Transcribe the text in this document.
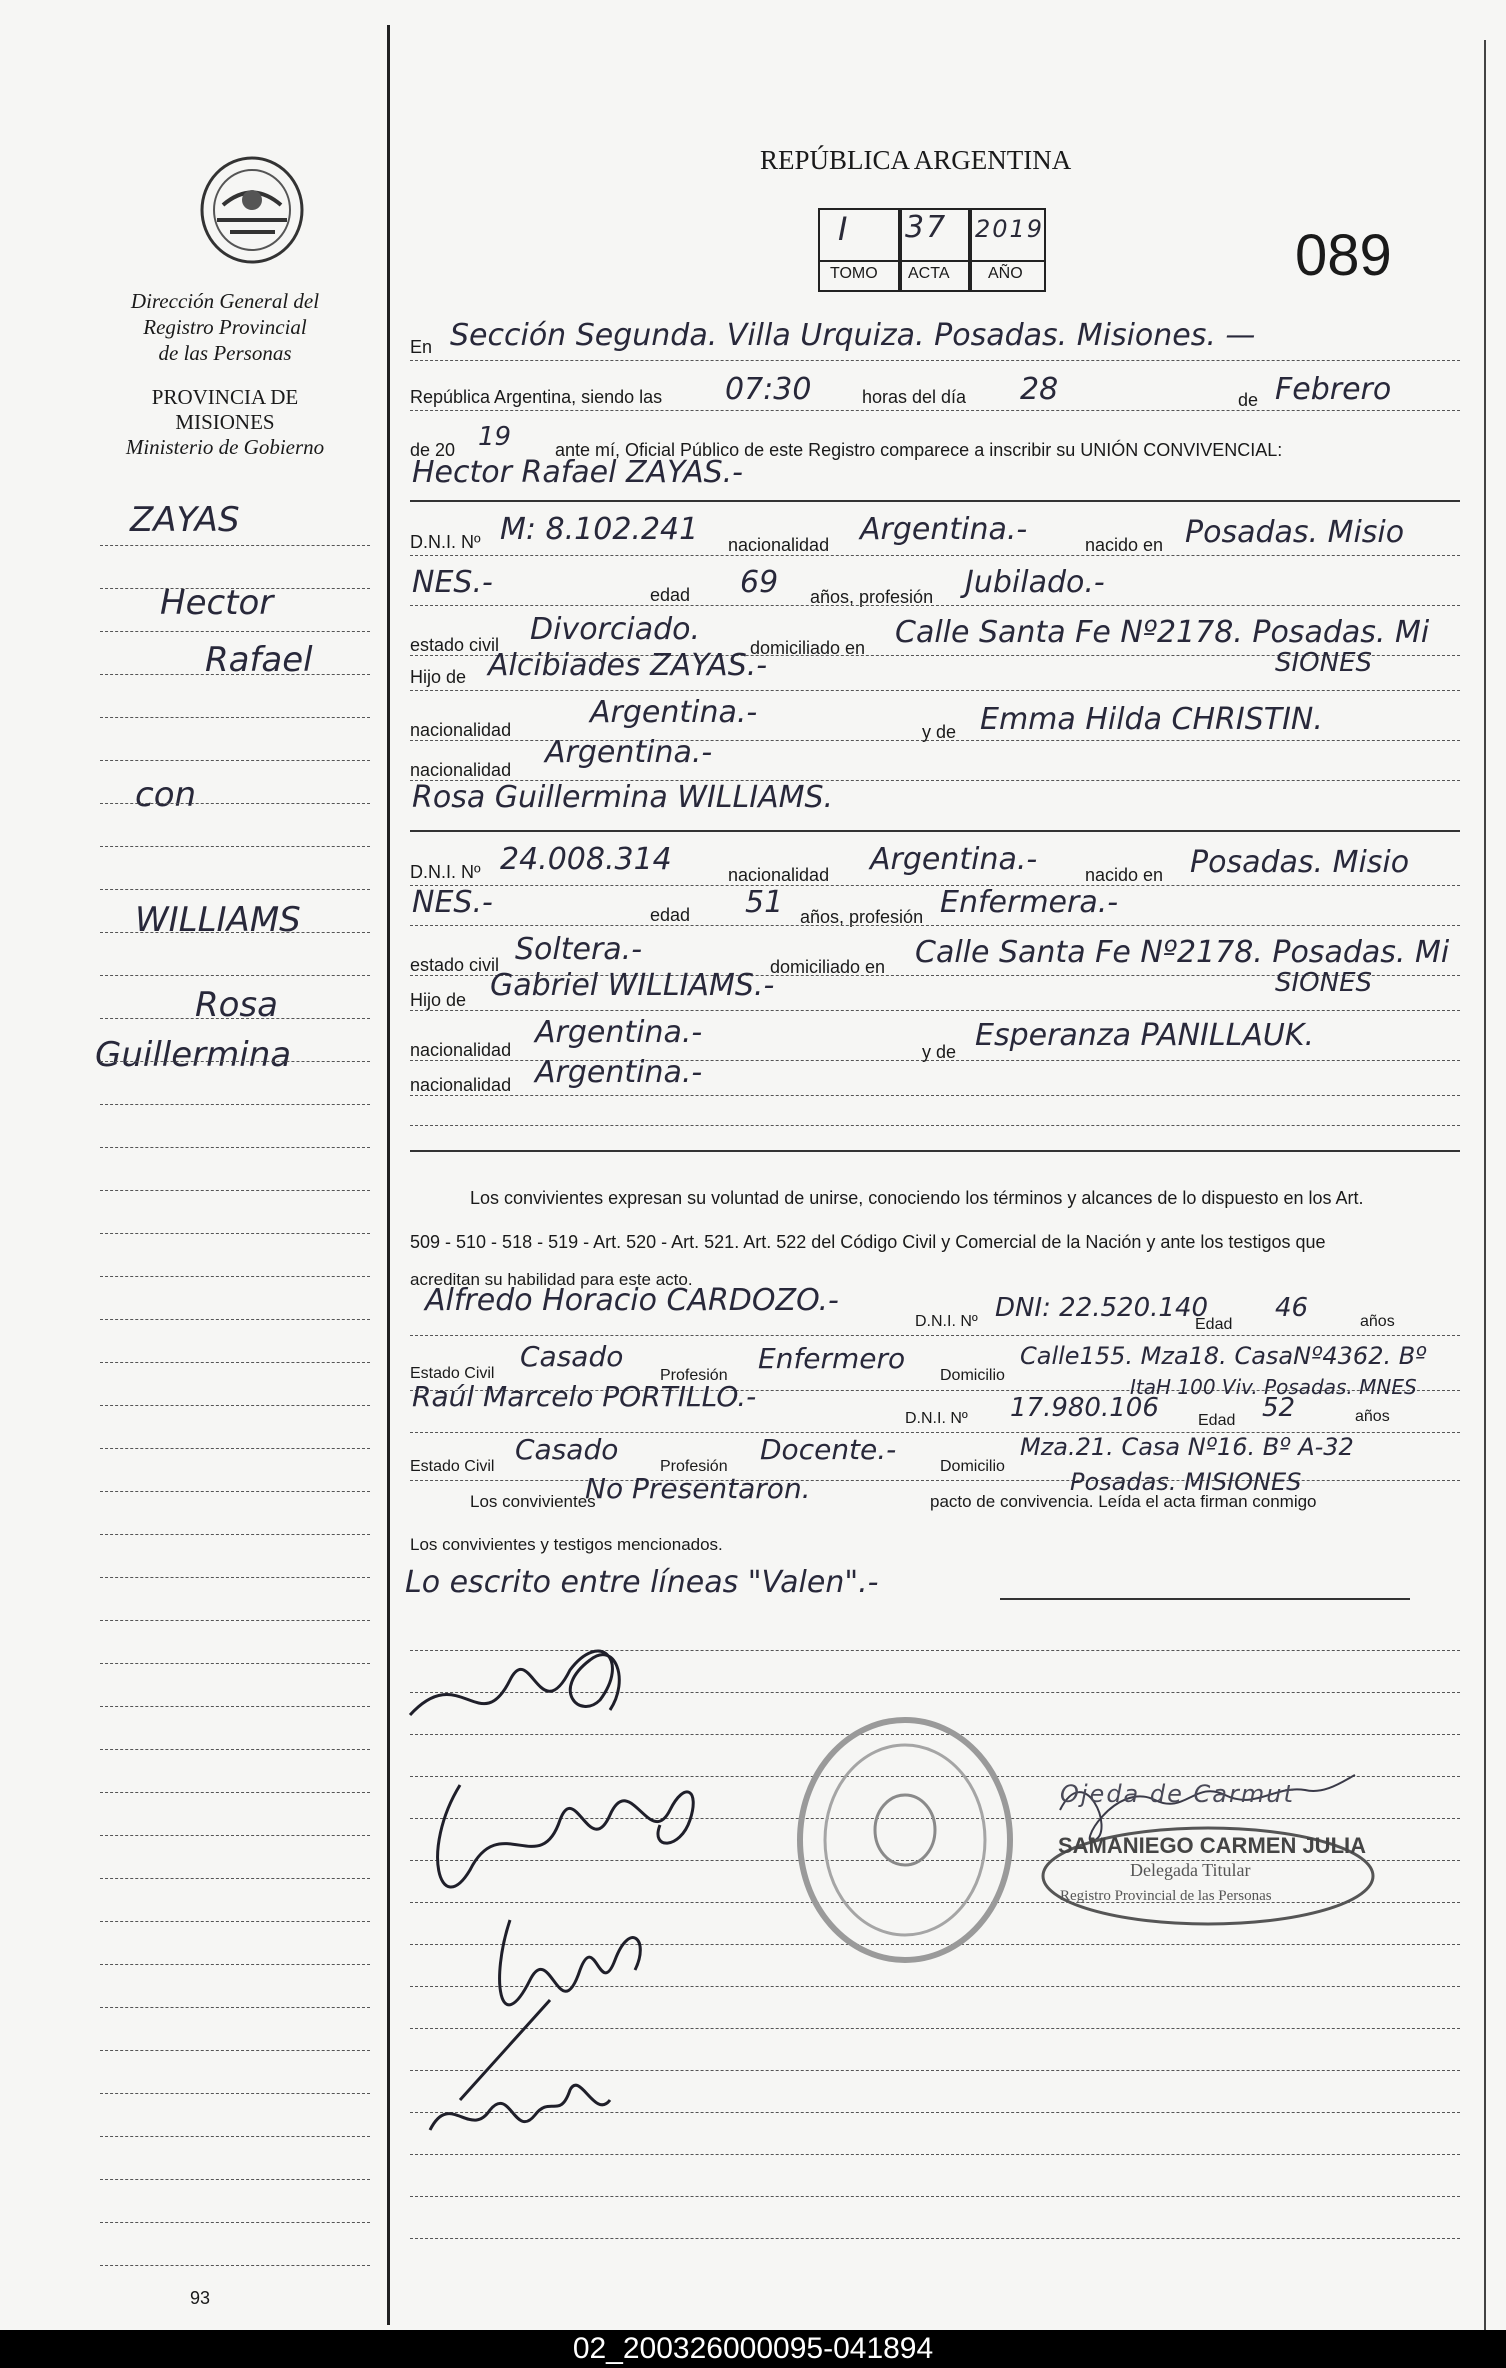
Dirección General del
Registro Provincial
de las Personas
PROVINCIA DE
MISIONES
Ministerio de Gobierno
ZAYAS
Hector
Rafael
con
WILLIAMS
Rosa
Guillermina
93
REPÚBLICA ARGENTINA
I 37 2019
TOMO ACTA AÑO	089
En Sección Segunda. Villa Urquiza. Posadas. Misiones. —
República Argentina, siendo las 07:30	horas del día 28	de Febrero
de 20 19 ante mí, Oficial Público de este Registro comparece a inscribir su UNIÓN CONVIVENCIAL:
Hector Rafael ZAYAS.-
D.N.I. Nº M: 8.102.241 nacionalidad Argentina.-	nacido en Posadas. Misio
NES.-	edad 69 años, profesión Jubilado.-
estado civil Divorciado.
domiciliado en Calle Santa Fe Nº2178. Posadas. Mi
Hijo de Alcibiades ZAYAS.-	SIONES
nacionalidad	Argentina.-
y de Emma Hilda CHRISTIN.
nacionalidad Argentina.-
Rosa Guillermina WILLIAMS.
D.N.I. Nº 24.008.314	nacionalidad Argentina.-	nacido en Posadas. Misio
NES.-	edad 51 años, profesión Enfermera.-
estado civil Soltera.-	domiciliado en Calle Santa Fe Nº2178. Posadas. Mi
Hijo de Gabriel WILLIAMS.-	SIONES
nacionalidad Argentina.-
y de Esperanza PANILLAUK.
nacionalidad Argentina.-
Los convivientes expresan su voluntad de unirse, conociendo los términos y alcances de lo dispuesto en los Art.
509 - 510 - 518 - 519 - Art. 520 - Art. 521. Art. 522 del Código Civil y Comercial de la Nación y ante los testigos que
acreditan su habilidad para este acto.
Alfredo Horacio CARDOZO.-
D.N.I. Nº DNI: 22.520.140
Edad
46	años
Estado Civil
Casado
Profesión
Enfermero
Domicilio
Calle155. Mza18. CasaNº4362. Bº
Raúl Marcelo PORTILLO.-	ItaH 100 Viv. Posadas. MNES
D.N.I. Nº 17.980.106 Edad 52	años
Estado Civil
Casado
Profesión
Docente.-
Domicilio
Mza.21. Casa Nº16. Bº A-32
Posadas. MISIONES
Los convivientes
No Presentaron.	pacto de convivencia. Leída el acta firman conmigo
Los convivientes y testigos mencionados.
Lo escrito entre líneas "Valen".-
Ojeda de Carmut
SAMANIEGO CARMEN JULIA
Delegada Titular
Registro Provincial de las Personas
02_200326000095-041894
